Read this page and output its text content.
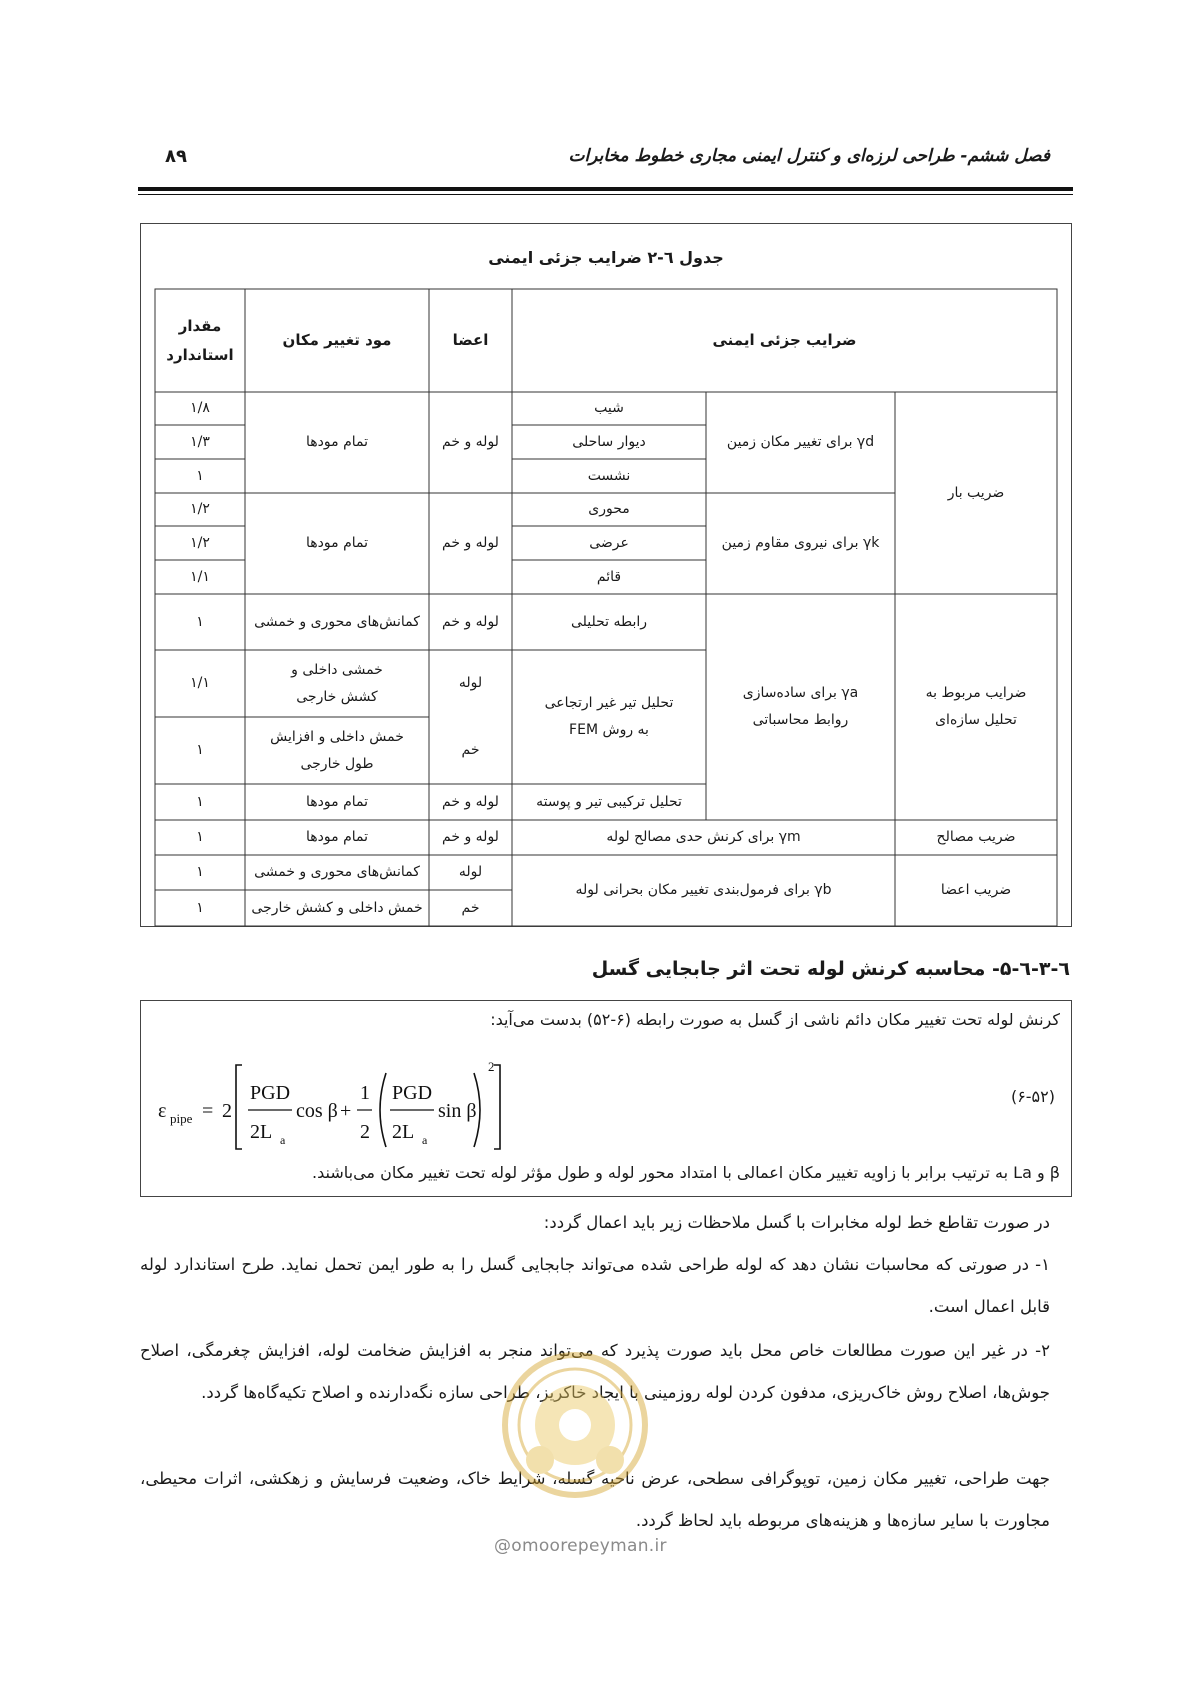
فصل ششم- طراحی لرزه‌ای و کنترل ایمنی مجاری خطوط مخابرات
۸۹
جدول ٦-۲ ضرایب جزئی ایمنی
ضرایب جزئی ایمنی
اعضا
مود تغییر مکان
مقدار استاندارد
ضریب بار
ضرایب مربوط به تحلیل سازه‌ای
ضریب مصالح
ضریب اعضا
γd برای تغییر مکان زمین
γk برای نیروی مقاوم زمین
γa برای ساده‌سازی روابط محاسباتی
γm برای کرنش حدی مصالح لوله
γb برای فرمول‌بندی تغییر مکان بحرانی لوله
شیب
دیوار ساحلی
نشست
محوری
عرضی
قائم
رابطه تحلیلی
تحلیل تیر غیر ارتجاعی به روش FEM
تحلیل ترکیبی تیر و پوسته
لوله و خم
لوله و خم
لوله و خم
لوله
خم
لوله و خم
لوله و خم
لوله
خم
تمام مودها
تمام مودها
کمانش‌های محوری و خمشی
خمشی داخلی و کشش خارجی
خمش داخلی و افزایش طول خارجی
تمام مودها
تمام مودها
کمانش‌های محوری و خمشی
خمش داخلی و کشش خارجی
۱/۸
۱/۳
۱
۱/۲
۱/۲
۱/۱
۱
۱/۱
۱
۱
۱
۱
۱
٦-۳-٦-۵- محاسبه کرنش لوله تحت اثر جابجایی گسل
کرنش لوله تحت تغییر مکان دائم ناشی از گسل به صورت رابطه (۶-۵۲) بدست می‌آید:
(۶-۵۲)
ε pipe = 2
PGD
2L a
cos β +
1
2
PGD
2L a
sin β
2
β و La به ترتیب برابر با زاویه تغییر مکان اعمالی با امتداد محور لوله و طول مؤثر لوله تحت تغییر مکان می‌باشند.
در صورت تقاطع خط لوله مخابرات با گسل ملاحظات زیر باید اعمال گردد:
۱- در صورتی که محاسبات نشان دهد که لوله طراحی شده می‌تواند جابجایی گسل را به طور ایمن تحمل نماید. طرح استاندارد لوله قابل اعمال است.
۲- در غیر این صورت مطالعات خاص محل باید صورت پذیرد که می‌تواند منجر به افزایش ضخامت لوله، افزایش چغرمگی، اصلاح جوش‌ها، اصلاح روش خاک‌ریزی، مدفون کردن لوله روزمینی با ایجاد خاکریز، طراحی سازه نگه‌دارنده و اصلاح تکیه‌گاه‌ها گردد.
جهت طراحی، تغییر مکان زمین، توپوگرافی سطحی، عرض ناحیه گسله، شرایط خاک، وضعیت فرسایش و زهکشی، اثرات محیطی، مجاورت با سایر سازه‌ها و هزینه‌های مربوطه باید لحاظ گردد.
@omoorepeyman.ir
